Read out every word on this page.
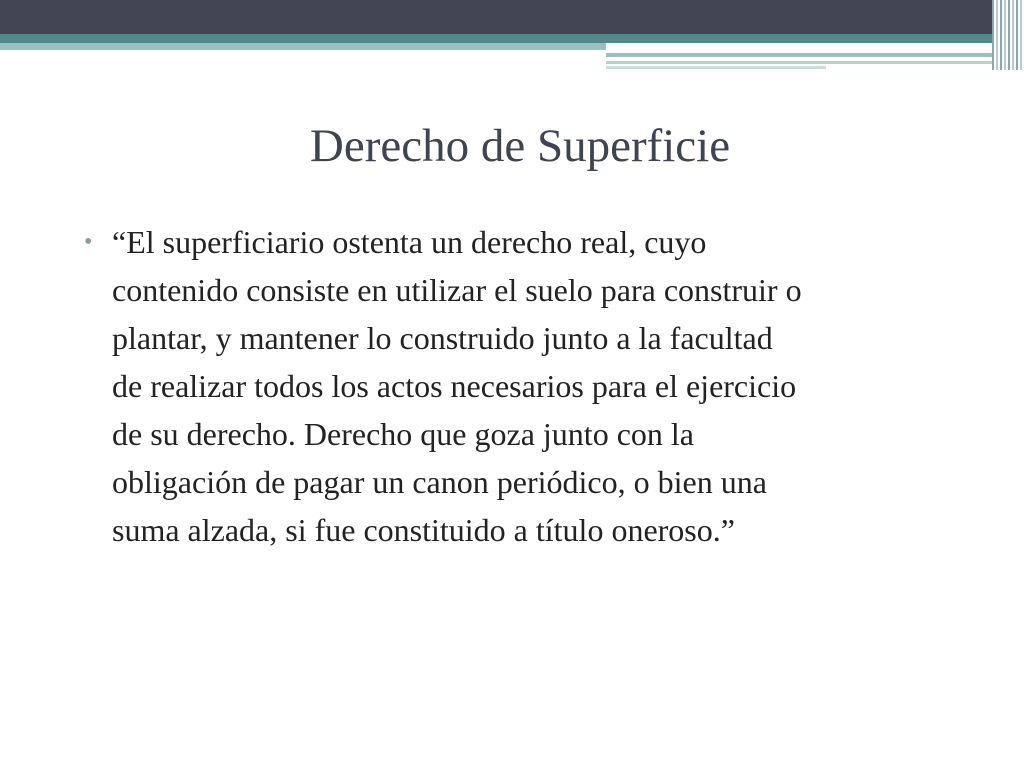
Derecho de Superficie
• “El superficiario ostenta un derecho real, cuyo
contenido consiste en utilizar el suelo para construir o
plantar, y mantener lo construido junto a la facultad
de realizar todos los actos necesarios para el ejercicio
de su derecho. Derecho que goza junto con la
obligación de pagar un canon periódico, o bien una
suma alzada, si fue constituido a título oneroso.”
